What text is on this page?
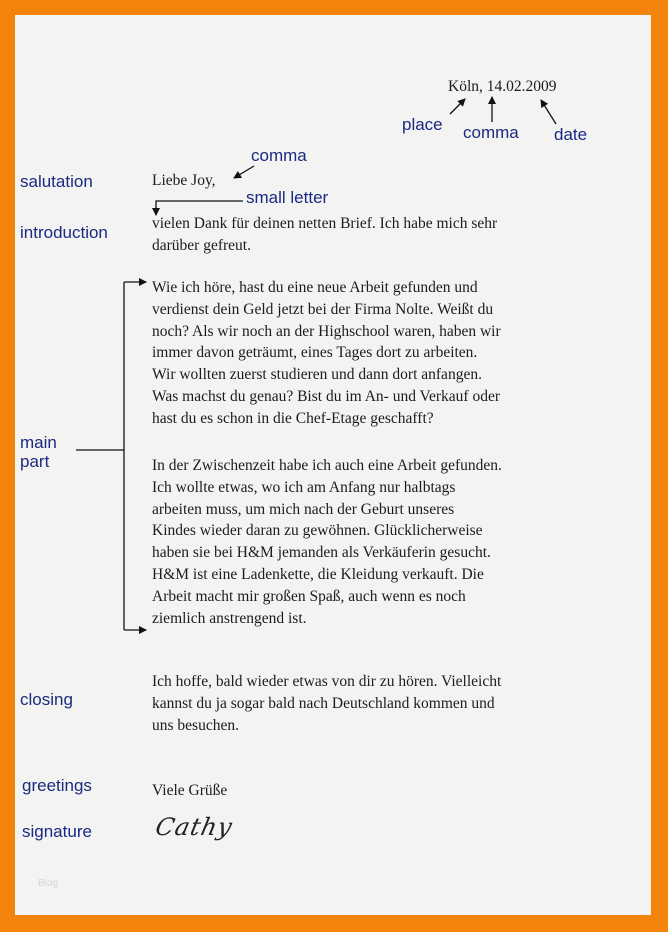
Köln, 14.02.2009
place comma date
comma
salutation	Liebe Joy,
small letter
introduction	vielen Dank für deinen netten Brief. Ich habe mich sehr
darüber gefreut.
main
part
Wie ich höre, hast du eine neue Arbeit gefunden und
verdienst dein Geld jetzt bei der Firma Nolte. Weißt du
noch? Als wir noch an der Highschool waren, haben wir
immer davon geträumt, eines Tages dort zu arbeiten.
Wir wollten zuerst studieren und dann dort anfangen.
Was machst du genau? Bist du im An- und Verkauf oder
hast du es schon in die Chef-Etage geschafft?
In der Zwischenzeit habe ich auch eine Arbeit gefunden.
Ich wollte etwas, wo ich am Anfang nur halbtags
arbeiten muss, um mich nach der Geburt unseres
Kindes wieder daran zu gewöhnen. Glücklicherweise
haben sie bei H&M jemanden als Verkäuferin gesucht.
H&M ist eine Ladenkette, die Kleidung verkauft. Die
Arbeit macht mir großen Spaß, auch wenn es noch
ziemlich anstrengend ist.
closing
Ich hoffe, bald wieder etwas von dir zu hören. Vielleicht
kannst du ja sogar bald nach Deutschland kommen und
uns besuchen.
greetings	Viele Grüße
signature	Cathy
Blog
